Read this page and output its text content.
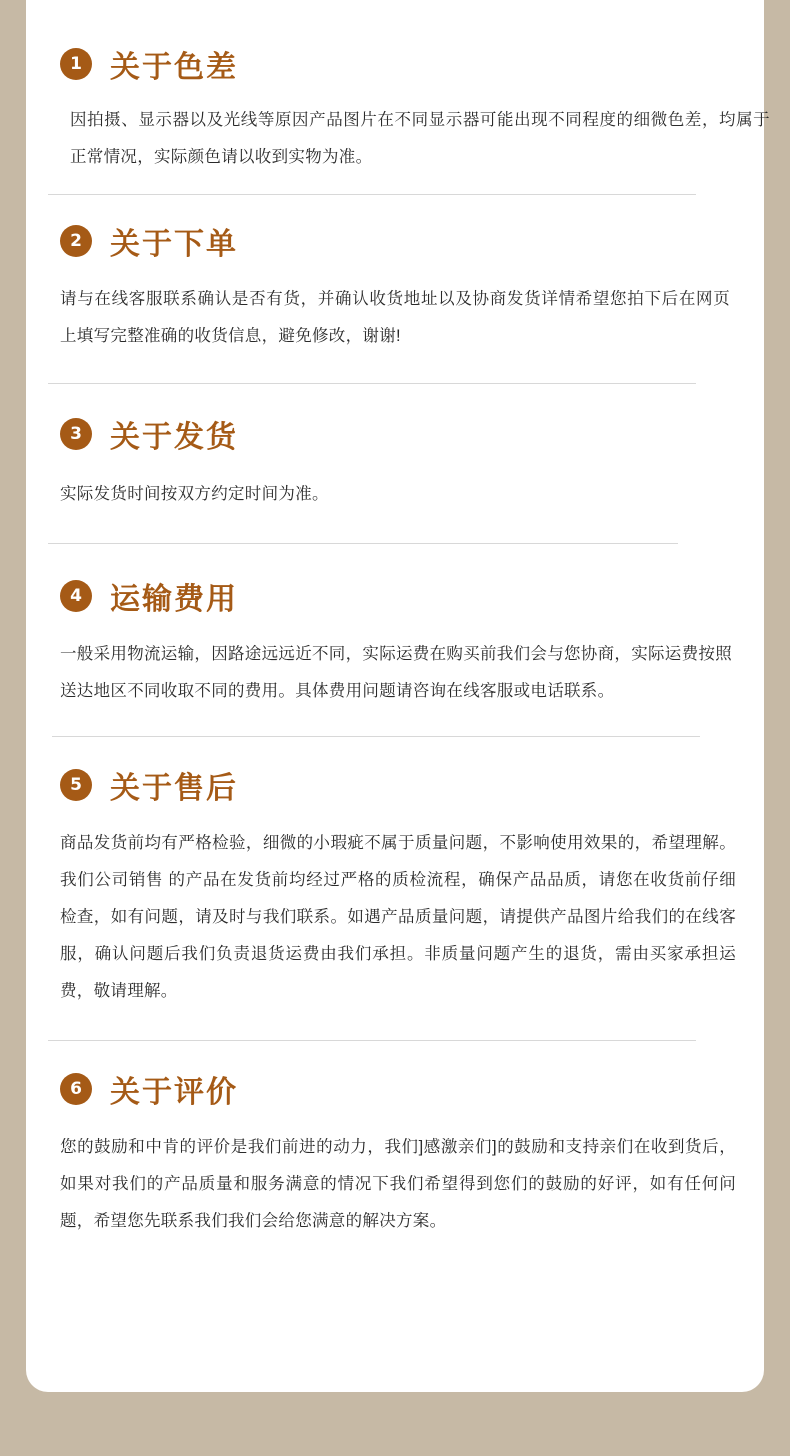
1 关于色差
因拍摄、显示器以及光线等原因产品图片在不同显示器可能出现不同程度的细微色差，均属于正常情况，实际颜色请以收到实物为准。
2 关于下单
请与在线客服联系确认是否有货，并确认收货地址以及协商发货详情希望您拍下后在网页上填写完整准确的收货信息，避免修改，谢谢!
3 关于发货
实际发货时间按双方约定时间为准。
4 运输费用
一般采用物流运输，因路途远远近不同，实际运费在购买前我们会与您协商，实际运费按照送达地区不同收取不同的费用。具体费用问题请咨询在线客服或电话联系。
5 关于售后
商品发货前均有严格检验，细微的小瑕疵不属于质量问题，不影响使用效果的，希望理解。我们公司销售 的产品在发货前均经过严格的质检流程，确保产品品质，请您在收货前仔细检查，如有问题，请及时与我们联系。如遇产品质量问题，请提供产品图片给我们的在线客服，确认问题后我们负责退货运费由我们承担。非质量问题产生的退货，需由买家承担运费，敬请理解。
6 关于评价
您的鼓励和中肯的评价是我们前进的动力，我们]感激亲们]的鼓励和支持亲们在收到货后，如果对我们的产品质量和服务满意的情况下我们希望得到您们的鼓励的好评，如有任何问题，希望您先联系我们我们会给您满意的解决方案。
